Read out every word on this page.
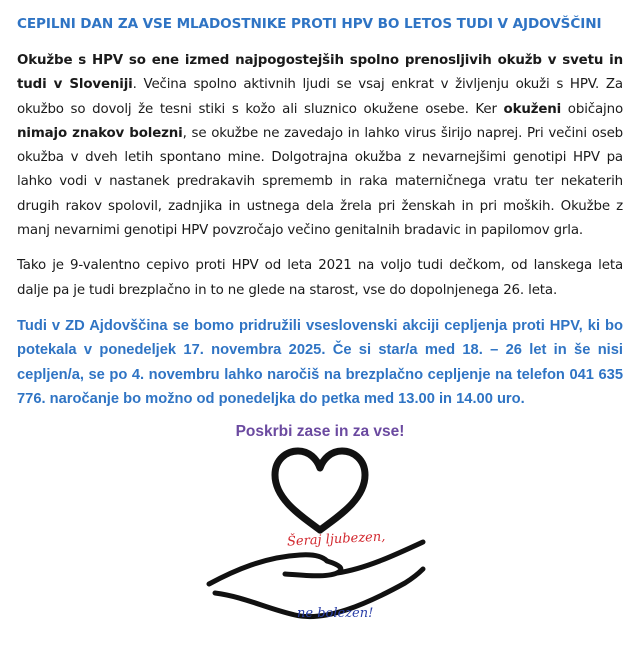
CEPILNI DAN ZA VSE MLADOSTNIKE PROTI HPV BO LETOS TUDI V AJDOVŠČINI

Okužbe s HPV so ene izmed najpogostejših spolno prenosljivih okužb v svetu in tudi v Sloveniji. Večina spolno aktivnih ljudi se vsaj enkrat v življenju okuži s HPV. Za okužbo so dovolj že tesni stiki s kožo ali sluznico okužene osebe. Ker okuženi običajno nimajo znakov bolezni, se okužbe ne zavedajo in lahko virus širijo naprej. Pri večini oseb okužba v dveh letih spontano mine. Dolgotrajna okužba z nevarnejšimi genotipi HPV pa lahko vodi v nastanek predrakavih sprememb in raka materničnega vratu ter nekaterih drugih rakov spolovil, zadnjika in ustnega dela žrela pri ženskah in pri moških. Okužbe z manj nevarnimi genotipi HPV povzročajo večino genitalnih bradavic in papilomov grla.

Tako je 9-valentno cepivo proti HPV od leta 2021 na voljo tudi dečkom, od lanskega leta dalje pa je tudi brezplačno in to ne glede na starost, vse do dopolnjenega 26. leta.

Tudi v ZD Ajdovščina se bomo pridružili vseslovenski akciji cepljenja proti HPV, ki bo potekala v ponedeljek 17. novembra 2025. Če si star/a med 18. – 26 let in še nisi cepljen/a, se po 4. novembru lahko naročiš na brezplačno cepljenje na telefon 041 635 776. naročanje bo možno od ponedeljka do petka med 13.00 in 14.00 uro.

Poskrbi zase in za vse!

Šeraj ljubezen,
ne bolezen!
